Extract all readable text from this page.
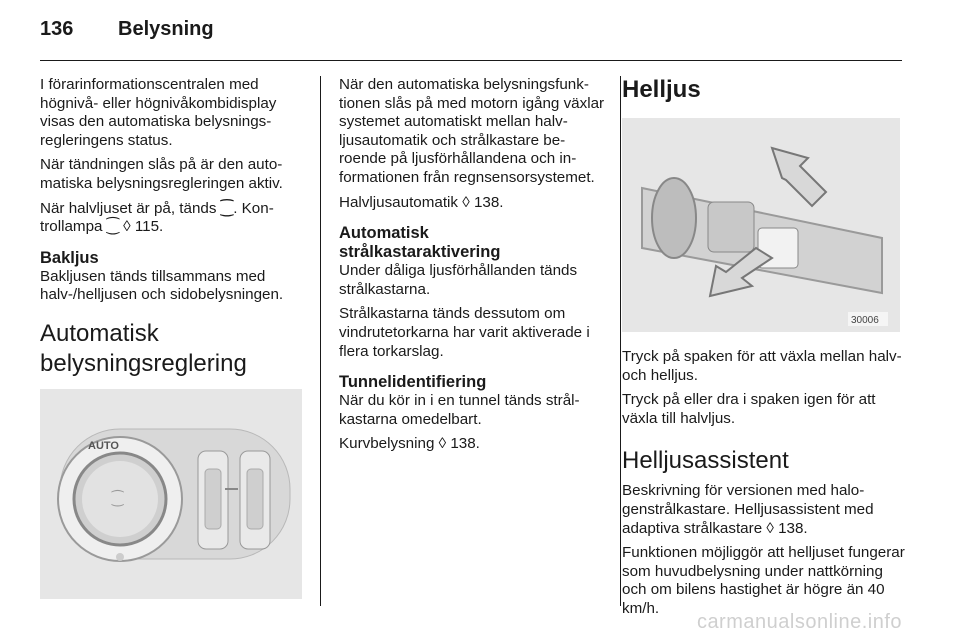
136 Belysning

I förarinformationscentralen med högnivå- eller högnivåkombidisplay visas den automatiska belysningsregleringens status.

När tändningen slås på är den automatiska belysningsregleringen aktiv.

När halvljuset är på, tänds ⁐. Kontrollampa ⁐ ◊ 115.

Bakljus

Bakljusen tänds tillsammans med halv-/helljusen och sidobelysningen.

Automatisk
belysningsreglering
AUTO
⁐

När den automatiska belysningsfunktionen slås på med motorn igång växlar systemet automatiskt mellan halvljusautomatik och strålkastare beroende på ljusförhållandena och informationen från regnsensorsystemet.

Halvljusautomatik ◊ 138.

Automatisk
strålkastaraktivering

Under dåliga ljusförhållanden tänds strålkastarna.

Strålkastarna tänds dessutom om vindrutetorkarna har varit aktiverade i flera torkarslag.

Tunnelidentifiering

När du kör in i en tunnel tänds strålkastarna omedelbart.

Kurvbelysning ◊ 138.

Helljus
30006

Tryck på spaken för att växla mellan halv- och helljus.

Tryck på eller dra i spaken igen för att växla till halvljus.

Helljusassistent

Beskrivning för versionen med halogenstrålkastare. Helljusassistent med adaptiva strålkastare ◊ 138.

Funktionen möjliggör att helljuset fungerar som huvudbelysning under nattkörning och om bilens hastighet är högre än 40 km/h.

carmanualsonline.info
